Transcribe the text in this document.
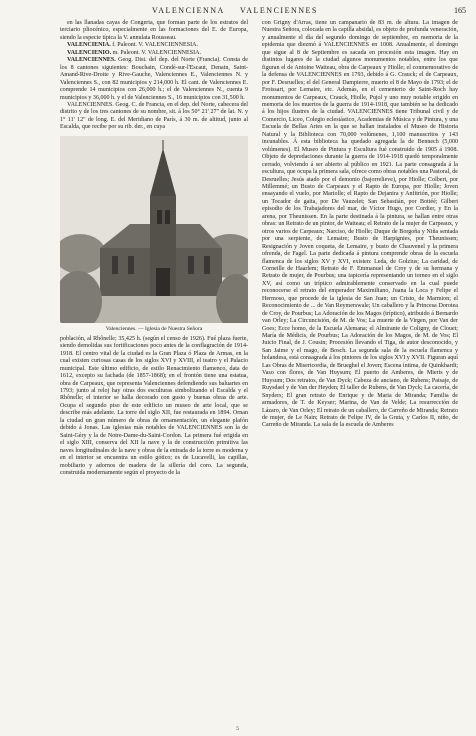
VALENCIENNA VALENCIENNES	165

en las llanadas cayas de Congeria, que forman parte de los estratos del terciario pliocénico, especialmente en las formaciones del E. de Europa, siendo la especie típica la V. annulata Rousseau.

VALENCIENIA. f. Paleont. V. VALENCIENNESIA.

VALENCIENIO. m. Paleont. V. VALENCIENNESIA.

VALENCIENNES. Geog. Dist. del dep. del Norte (Francia). Consta de los 8 cantones siguientes: Bouchain, Condé-sur-l'Escaut, Denain, Saint-Amand-Rive-Droite y Rive-Gauche, Valenciennes E., Valenciennes N. y Valenciennes S., con 82 municipios y 214,000 h. El cant. de Valenciennes E. comprende 14 municipios con 26,000 h.; el de Valenciennes N., cuenta 9 municipios y 36,000 h. y el de Valenciennes S., 16 municipios con 31,500 h.

VALENCIENNES. Geog. C. de Francia, en el dep. del Norte, cabecera del distrito y de los tres cantones de su nombre, sit. á los 50° 21' 27" de lat. N. y 1° 11' 12" de long. E. del Meridiano de París, á 30 m. de altitud, junto al Escalda, que recibe por su rib. der., en cuya

Valenciennes. — Iglesia de Nuestra Señora

población, al Rhônelle; 35,425 h. (según el censo de 1926). Fué plaza fuerte, siendo demolidas sus fortificaciones poco antes de la conflagración de 1914-1918. El centro vital de la ciudad es la Gran Plaza ó Plaza de Armas, en la cual existen curiosas casas de los siglos XVI y XVIII, el teatro y el Palacio municipal. Este último edificio, de estilo Renacimiento flamenco, data de 1612, excepto su fachada (de 1857-1868); en el frontón tiene una estatua, obra de Carpeaux, que representa Valenciennes defendiendo sus baluartes en 1793; junto al reloj hay otras dos esculturas simbolizando el Escalda y el Rhônelle; el interior se halla decorado con gusto y buenas obras de arte. Ocupa el segundo piso de este edificio un museo de arte local, que se describe más adelante. La torre del siglo XII, fue restaurada en 1894. Ornan la ciudad un gran número de obras de ornamentación, un elegante plafón debido á Jonas. Las iglesias más notables de VALENCIENNES son la de Saint-Géry y la de Notre-Dame-du-Saint-Cordon. La primera fué erigida en el siglo XIII, conserva del XII la nave y la de construcción primitiva las naves longitudinales de la nave y obras de la entrada de la torre es moderna y en el interior se encuentra un estilo gótico; es de Lucavelli, las capillas, mobiliario y adornos de madera de la sillería del coro. La segunda, construida modernamente según el proyecto de la

con Grigny d'Arras, tiene un campanario de 83 m. de altura. La imagen de Nuestra Señora, colocada en la capilla absidal, es objeto de profunda veneración, y anualmente el día del segundo domingo de septiembre, en memoria de la epidemia que diezmó á VALENCIENNES en 1008. Anualmente, el domingo que sigue al 8 de Septiembre es sacada en procesión esta imagen. Hay en distintos lugares de la ciudad algunos monumentos notables, entre los que figuran el de Antoine Watteau, obra de Carpeaux y Hiolle; el conmemorativo de la defensa de VALENCIENNES en 1793, debido á G. Crauck; el de Carpeaux, por F. Desruelles; el del General Dampierre, muerto el 8 de Mayo de 1793; el de Froissart, por Lemaire, etc. Además, en el cementerio de Saint-Roch hay monumentos de Carpeaux, Crauck, Hiolle, Pujol y uno muy notable erigido en memoria de los muertos de la guerra de 1914-1918, que también se ha dedicado á los hijos ilustres de la ciudad. VALENCIENNES tiene Tribunal civil y de Comercio, Liceo, Colegio eclesiástico, Academias de Música y de Pintura, y una Escuela de Bellas Artes en la que se hallan instalados el Museo de Historia Natural y la Biblioteca con 70,000 volúmenes, 1,100 manuscritos y 143 incunables. Á esta biblioteca ha quedado agregada la de Bennech (5,000 volúmenes). El Museo de Pintura y Escultura fué construido de 1905 á 1908. Objeto de depredaciones durante la guerra de 1914-1918 quedó temporalmente cerrado, volviendo á ser abierto al público en 1921. La parte consagrada á la escultura, que ocupa la primera sala, ofrece como obras notables una Pastoral, de Desruelles; Jesús atado por el demonio (bajorrelieve), por Hiolle; Colbert, por Millemmé; un Busto de Carpeaux y el Rapto de Europa, por Hiolle; Joven ensayando el vuelo, por Mariolle; el Rapto de Dejanira y Anfitrión, por Hiolle; un Tocador de gaita, por De Vauzelet; San Sebastián, por Bottéé; Gilbert episodio de los Trabajadores del mar, de Víctor Hugo, por Cordier, y En la arena, por Theunissen. En la parte destinada á la pintura, se hallan entre otras obras: un Retrato de un pintor, de Watteau; el Retrato de la mujer de Carpeaux, y otros varios de Carpeaux; Narciso, de Hiolle; Duque de Borgoña y Niña sentada por una serpiente, de Lemaire; Busto de Harpignies, por Theunissen; Resignación y Joven coqueta, de Lemaire, y busto de Chauvenel y la primera ofrenda, de Fagel. La parte dedicada á pintura comprende obras de la escuela flamenca de los siglos XV y XVI, existen: Leda, de Golzius; La caridad, de Corneille de Haarlem; Retrato de F. Emmanuel de Croy y de su hermana y Retrato de mujer, de Pourbus; una tapicería representando un torneo en el siglo XV, así como un tríptico admirablemente conservado en la cual puede reconocerse el retrato del emperador Maximiliano, Juana la Loca y Felipe el Hermoso, que procede de la iglesia de San Juan; un Cristo, de Marmion; el Reconocimiento de ... de Van Reymerswale; Un caballero y la Princesa Dorotea de Croy, de Pourbus; La Adoración de los Magos (tríptico), atribuido á Bernardo van Orley; La Circuncisión, de M. de Vos; La muerte de la Virgen, por Van der Goes; Ecce homo, de la Escuela Alemana; el Almirante de Coligny, de Clouet; María de Médicis, de Pourbus; La Adoración de los Magos, de M. de Vos; El Juicio Final, de J. Cousin; Procesión llevando el Tiga, de autor desconocido, y San Jaime y el mago, de Bosch. La segunda sala de la escuela flamenca y holandesa, está consagrada á los pintores de los siglos XVI y XVII. Figuran aquí Las Obras de Misericordia, de Brueghel el Joven; Escena íntima, de Quinkhardt; Vaso con flores, de Van Huysum; El puerto de Amberes, de Mieris y de Huysum; Dos retratos, de Van Dyck; Cabeza de anciano, de Rubens; Paisaje, de Ruysdael y de Van der Heyden; El taller de Rubens, de Van Dyck; La cacería, de Snyders; El gran retrato de Enrique y de Maria de Miranda; Familia de armadores, de T. de Keyser; Marina, de Van de Velde; La resurrección de Lázaro, de Van Orley; El retrato de un caballero, de Carreño de Miranda; Retrato de mujer, de Le Nain; Retrato de Felipe IV, de la Gruta, y Carlos II, niño, de Carreño de Miranda. La sala de la escuela de Amberes

5
